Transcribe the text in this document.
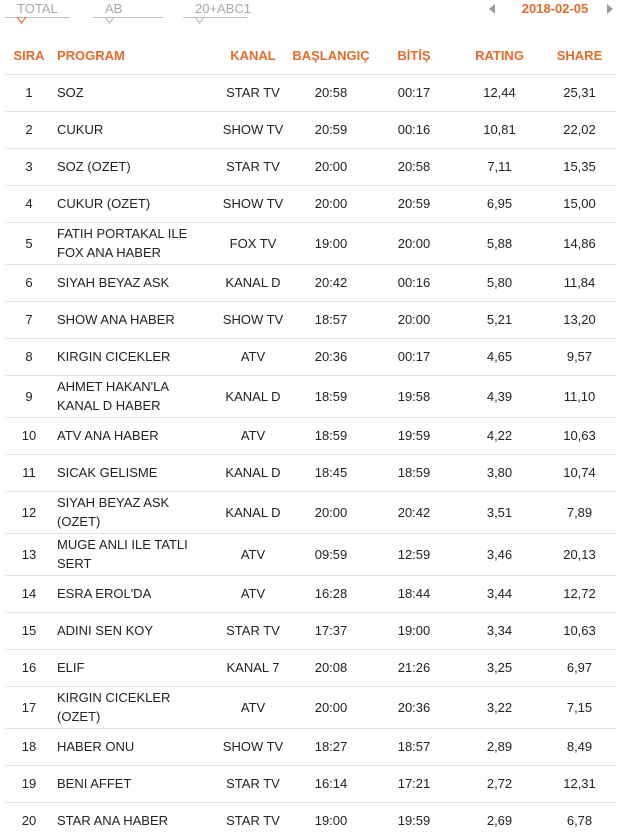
TOTAL	AB	20+ABC1	2018-02-05
SIRA	PROGRAM	KANAL	BAŞLANGIÇ	BİTİŞ	RATING	SHARE
1	SOZ	STAR TV	20:58	00:17	12,44	25,31
2	CUKUR	SHOW TV	20:59	00:16	10,81	22,02
3	SOZ (OZET)	STAR TV	20:00	20:58	7,11	15,35
4	CUKUR (OZET)	SHOW TV	20:00	20:59	6,95	15,00
5	FATIH PORTAKAL ILE FOX ANA HABER	FOX TV	19:00	20:00	5,88	14,86
6	SIYAH BEYAZ ASK	KANAL D	20:42	00:16	5,80	11,84
7	SHOW ANA HABER	SHOW TV	18:57	20:00	5,21	13,20
8	KIRGIN CICEKLER	ATV	20:36	00:17	4,65	9,57
9	AHMET HAKAN'LA KANAL D HABER	KANAL D	18:59	19:58	4,39	11,10
10	ATV ANA HABER	ATV	18:59	19:59	4,22	10,63
11	SICAK GELISME	KANAL D	18:45	18:59	3,80	10,74
12	SIYAH BEYAZ ASK (OZET)	KANAL D	20:00	20:42	3,51	7,89
13	MUGE ANLI ILE TATLI SERT	ATV	09:59	12:59	3,46	20,13
14	ESRA EROL'DA	ATV	16:28	18:44	3,44	12,72
15	ADINI SEN KOY	STAR TV	17:37	19:00	3,34	10,63
16	ELIF	KANAL 7	20:08	21:26	3,25	6,97
17	KIRGIN CICEKLER (OZET)	ATV	20:00	20:36	3,22	7,15
18	HABER ONU	SHOW TV	18:27	18:57	2,89	8,49
19	BENI AFFET	STAR TV	16:14	17:21	2,72	12,31
20	STAR ANA HABER	STAR TV	19:00	19:59	2,69	6,78
